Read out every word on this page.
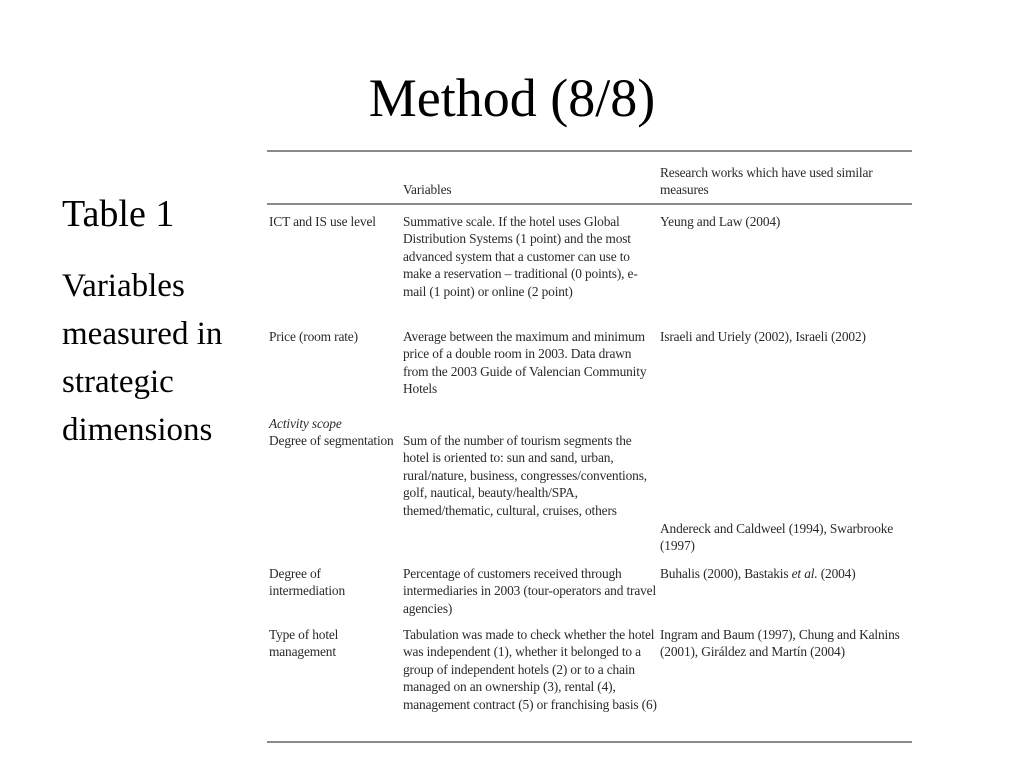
Method (8/8)
Table 1
Variables measured in strategic dimensions
Variables
Research works which have used similar measures
ICT and IS use level	Summative scale. If the hotel uses Global Distribution Systems (1 point) and the most advanced system that a customer can use to make a reservation – traditional (0 points), e-mail (1 point) or online (2 point)
Yeung and Law (2004)
Price (room rate)	Average between the maximum and minimum price of a double room in 2003. Data drawn from the 2003 Guide of Valencian Community Hotels
Israeli and Uriely (2002), Israeli (2002)
Activity scope
Degree of segmentation Sum of the number of tourism segments the hotel is oriented to: sun and sand, urban, rural/nature, business, congresses/conventions, golf, nautical, beauty/health/SPA, themed/thematic, cultural, cruises, others
Andereck and Caldweel (1994), Swarbrooke (1997)
Degree of intermediation
Percentage of customers received through intermediaries in 2003 (tour-operators and travel agencies)
Buhalis (2000), Bastakis et al. (2004)
Type of hotel management
Tabulation was made to check whether the hotel was independent (1), whether it belonged to a group of independent hotels (2) or to a chain managed on an ownership (3), rental (4), management contract (5) or franchising basis (6)
Ingram and Baum (1997), Chung and Kalnins (2001), Giráldez and Martín (2004)
